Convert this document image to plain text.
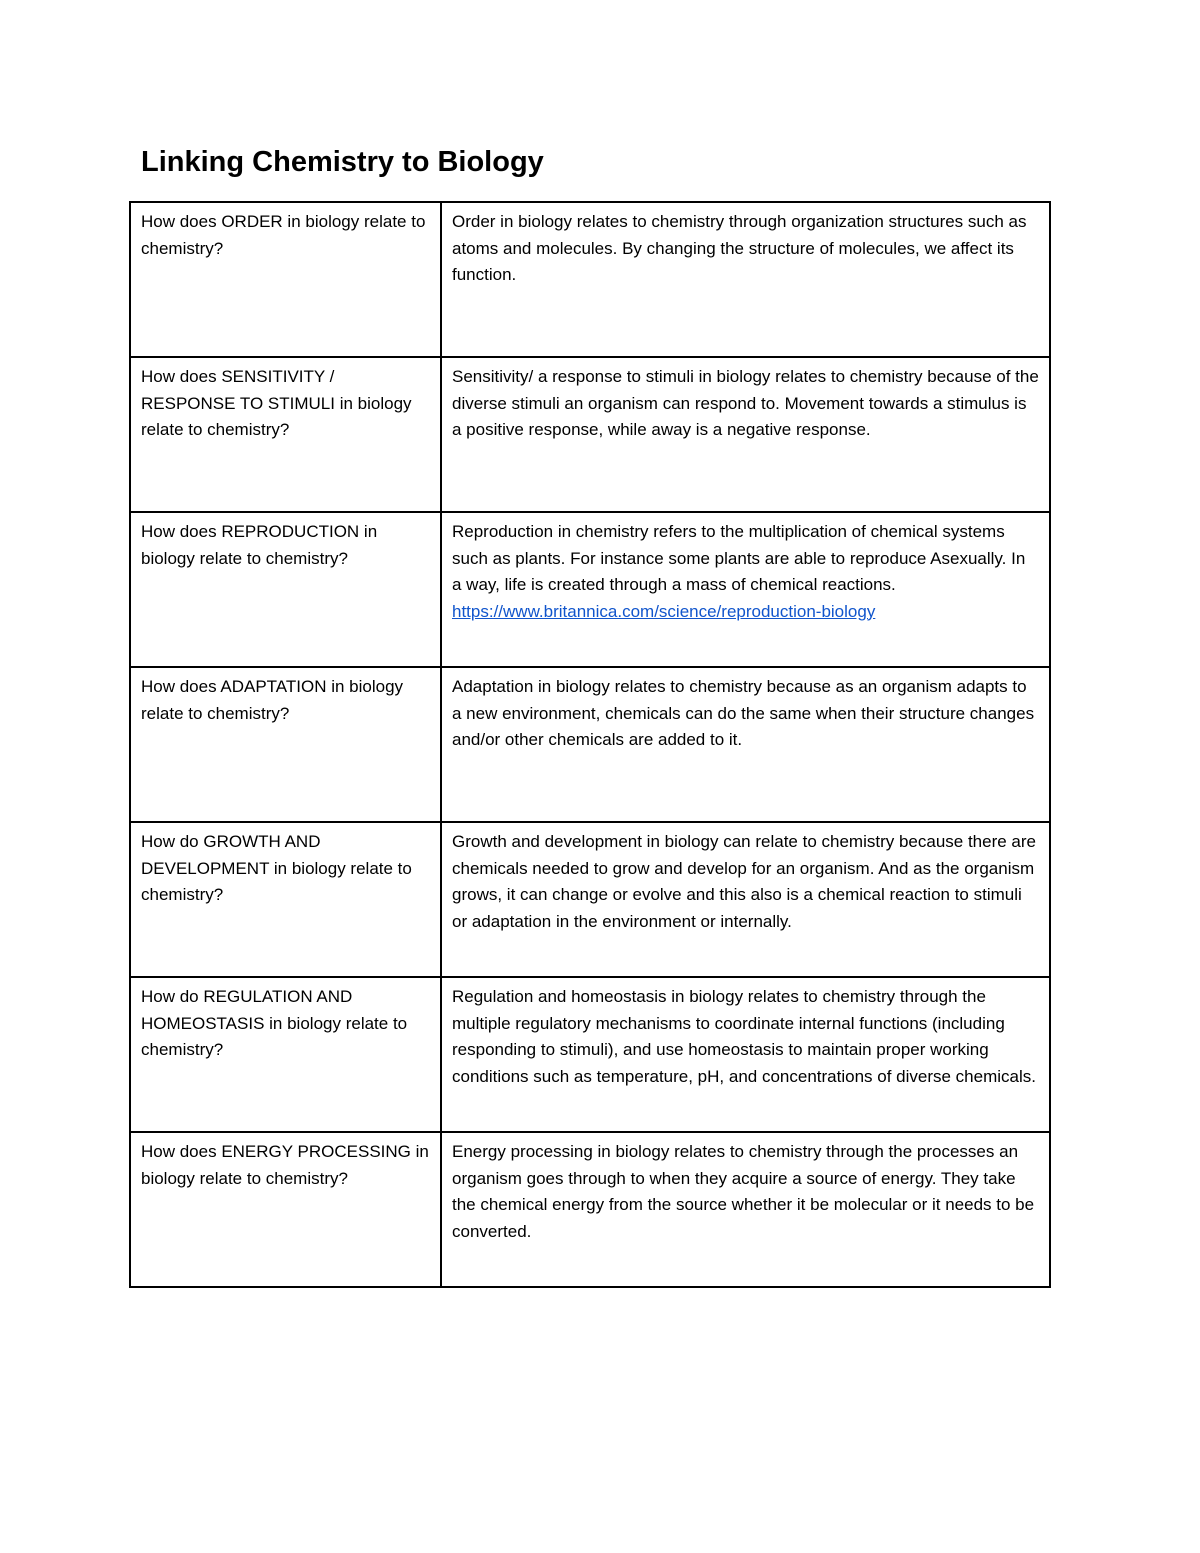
Linking Chemistry to Biology
How does ORDER in biology relate to chemistry?	Order in biology relates to chemistry through organization structures such as atoms and molecules. By changing the structure of molecules, we affect its function.
How does SENSITIVITY / RESPONSE TO STIMULI in biology relate to chemistry?	Sensitivity/ a response to stimuli in biology relates to chemistry because of the diverse stimuli an organism can respond to. Movement towards a stimulus is a positive response, while away is a negative response.
How does REPRODUCTION in biology relate to chemistry?	Reproduction in chemistry refers to the multiplication of chemical systems such as plants. For instance some plants are able to reproduce Asexually. In a way, life is created through a mass of chemical reactions.
https://www.britannica.com/science/reproduction-biology

How does ADAPTATION in biology relate to chemistry?	Adaptation in biology relates to chemistry because as an organism adapts to a new environment, chemicals can do the same when their structure changes and/or other chemicals are added to it.
How do GROWTH AND DEVELOPMENT in biology relate to chemistry?	Growth and development in biology can relate to chemistry because there are chemicals needed to grow and develop for an organism. And as the organism grows, it can change or evolve and this also is a chemical reaction to stimuli or adaptation in the environment or internally.
How do REGULATION AND HOMEOSTASIS in biology relate to chemistry?	Regulation and homeostasis in biology relates to chemistry through the multiple regulatory mechanisms to coordinate internal functions (including responding to stimuli), and use homeostasis to maintain proper working conditions such as temperature, pH, and concentrations of diverse chemicals.
How does ENERGY PROCESSING in biology relate to chemistry?	Energy processing in biology relates to chemistry through the processes an organism goes through to when they acquire a source of energy. They take the chemical energy from the source whether it be molecular or it needs to be converted.
